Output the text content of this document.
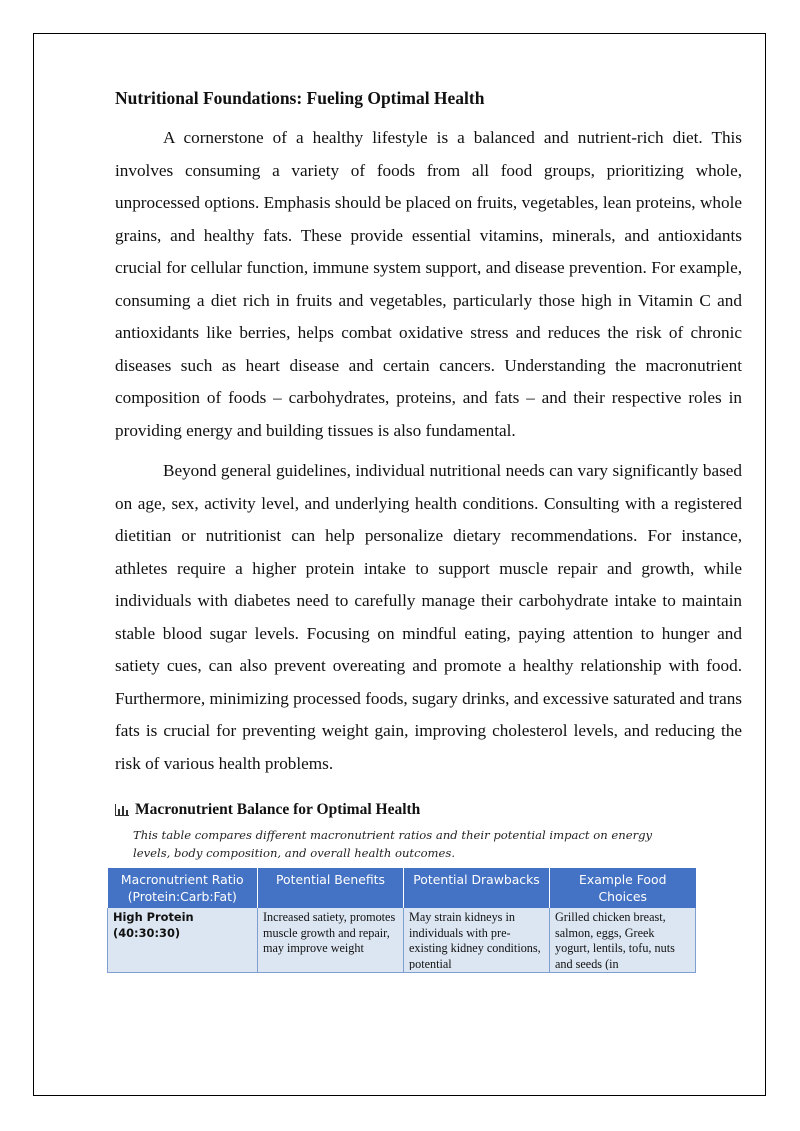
Nutritional Foundations: Fueling Optimal Health

A cornerstone of a healthy lifestyle is a balanced and nutrient-rich diet. This involves consuming a variety of foods from all food groups, prioritizing whole, unprocessed options. Emphasis should be placed on fruits, vegetables, lean proteins, whole grains, and healthy fats. These provide essential vitamins, minerals, and antioxidants crucial for cellular function, immune system support, and disease prevention. For example, consuming a diet rich in fruits and vegetables, particularly those high in Vitamin C and antioxidants like berries, helps combat oxidative stress and reduces the risk of chronic diseases such as heart disease and certain cancers. Understanding the macronutrient composition of foods – carbohydrates, proteins, and fats – and their respective roles in providing energy and building tissues is also fundamental.

Beyond general guidelines, individual nutritional needs can vary significantly based on age, sex, activity level, and underlying health conditions. Consulting with a registered dietitian or nutritionist can help personalize dietary recommendations. For instance, athletes require a higher protein intake to support muscle repair and growth, while individuals with diabetes need to carefully manage their carbohydrate intake to maintain stable blood sugar levels. Focusing on mindful eating, paying attention to hunger and satiety cues, can also prevent overeating and promote a healthy relationship with food. Furthermore, minimizing processed foods, sugary drinks, and excessive saturated and trans fats is crucial for preventing weight gain, improving cholesterol levels, and reducing the risk of various health problems.

Macronutrient Balance for Optimal Health
This table compares different macronutrient ratios and their potential impact on energy levels, body composition, and overall health outcomes.
Macronutrient Ratio (Protein:Carb:Fat)	Potential Benefits	Potential Drawbacks	Example Food Choices

High Protein (40:30:30)	Increased satiety, promotes muscle growth and repair, may improve weight	May strain kidneys in individuals with pre-existing kidney conditions, potential	Grilled chicken breast, salmon, eggs, Greek yogurt, lentils, tofu, nuts and seeds (in
